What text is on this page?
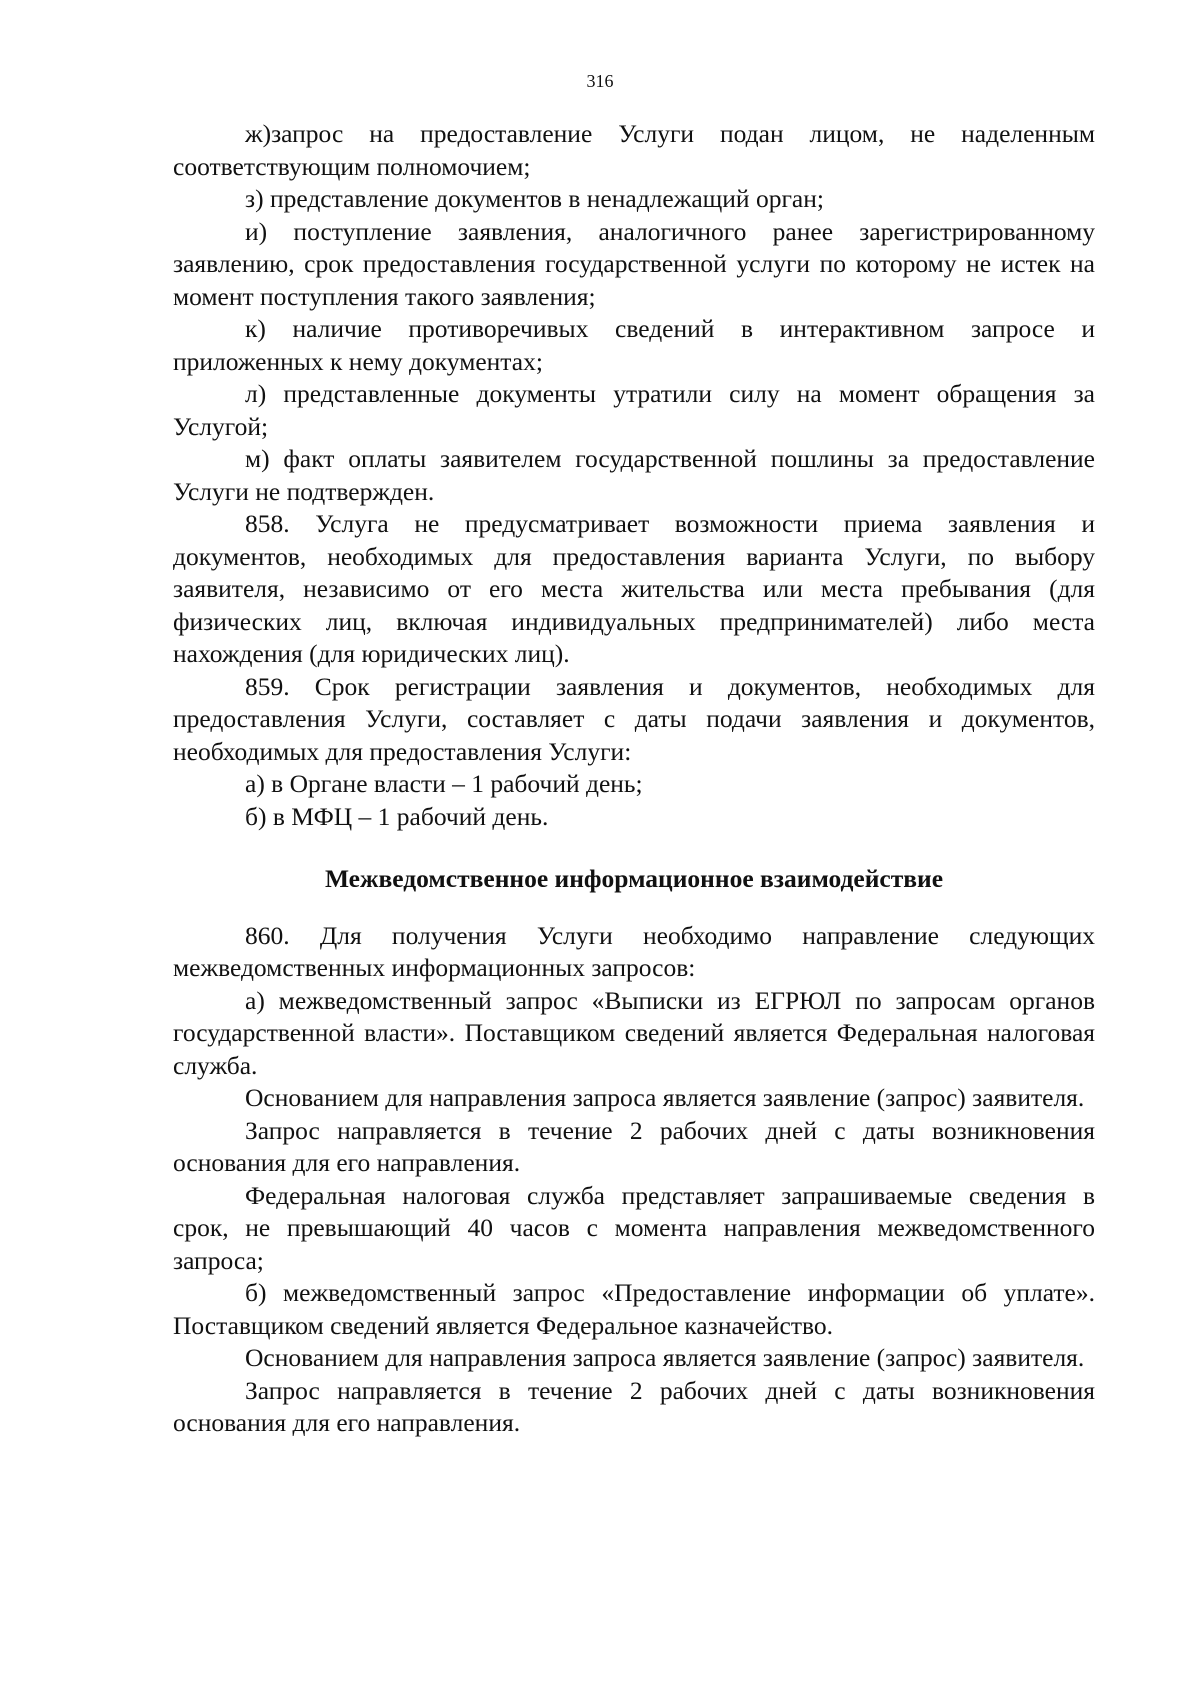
316

ж)запрос на предоставление Услуги подан лицом, не наделенным соответствующим полномочием;

з) представление документов в ненадлежащий орган;

и) поступление заявления, аналогичного ранее зарегистрированному заявлению, срок предоставления государственной услуги по которому не истек на момент поступления такого заявления;

к) наличие противоречивых сведений в интерактивном запросе и приложенных к нему документах;

л) представленные документы утратили силу на момент обращения за Услугой;

м) факт оплаты заявителем государственной пошлины за предоставление Услуги не подтвержден.

858. Услуга не предусматривает возможности приема заявления и документов, необходимых для предоставления варианта Услуги, по выбору заявителя, независимо от его места жительства или места пребывания (для физических лиц, включая индивидуальных предпринимателей) либо места нахождения (для юридических лиц).

859. Срок регистрации заявления и документов, необходимых для предоставления Услуги, составляет с даты подачи заявления и документов, необходимых для предоставления Услуги:

а) в Органе власти – 1 рабочий день;

б) в МФЦ – 1 рабочий день.

Межведомственное информационное взаимодействие

860. Для получения Услуги необходимо направление следующих межведомственных информационных запросов:

а) межведомственный запрос «Выписки из ЕГРЮЛ по запросам органов государственной власти». Поставщиком сведений является Федеральная налоговая служба.

Основанием для направления запроса является заявление (запрос) заявителя.

Запрос направляется в течение 2 рабочих дней с даты возникновения основания для его направления.

Федеральная налоговая служба представляет запрашиваемые сведения в срок, не превышающий 40 часов с момента направления межведомственного запроса;

б) межведомственный запрос «Предоставление информации об уплате». Поставщиком сведений является Федеральное казначейство.

Основанием для направления запроса является заявление (запрос) заявителя.

Запрос направляется в течение 2 рабочих дней с даты возникновения основания для его направления.
